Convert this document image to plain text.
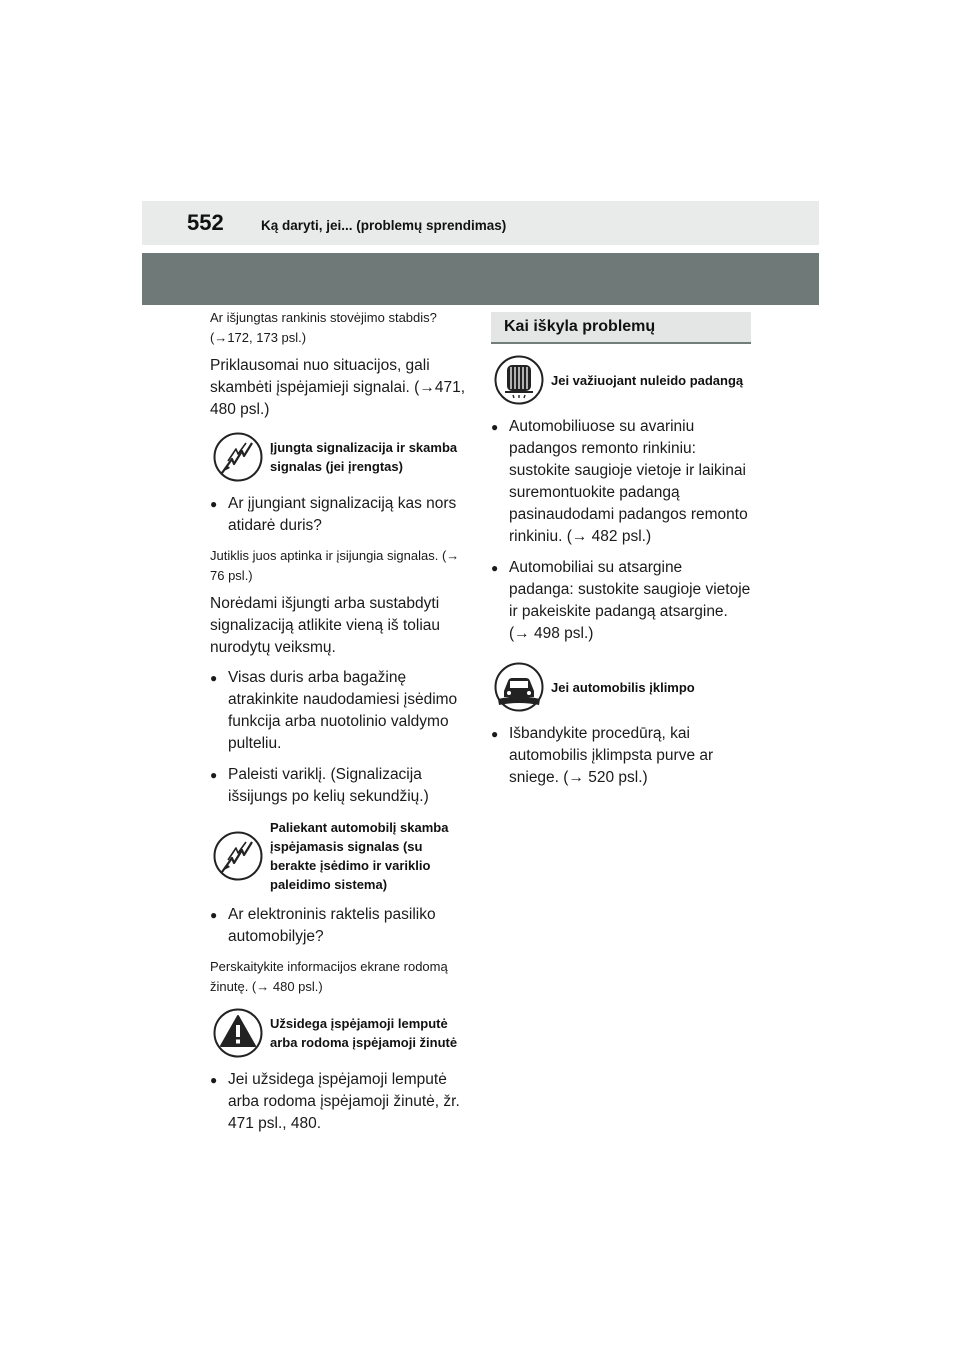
552	Ką daryti, jei... (problemų sprendimas)

Ar išjungtas rankinis stovėjimo stabdis? (→172, 173 psl.)

Priklausomai nuo situacijos, gali skambėti įspėjamieji signalai. (→471, 480 psl.)

Įjungta signalizacija ir skamba signalas (jei įrengtas)
● Ar įjungiant signalizaciją kas nors atidarė duris?

Jutiklis juos aptinka ir įsijungia signalas. (→ 76 psl.)

Norėdami išjungti arba sustabdyti signalizaciją atlikite vieną iš toliau nurodytų veiksmų.

● Visas duris arba bagažinę atrakinkite naudodamiesi įsėdimo funkcija arba nuotolinio valdymo pulteliu.
● Paleisti variklį. (Signalizacija išsijungs po kelių sekundžių.)
Paliekant automobilį skamba įspėjamasis signalas (su berakte įsėdimo ir variklio paleidimo sistema)
● Ar elektroninis raktelis pasiliko automobilyje?

Perskaitykite informacijos ekrane rodomą žinutę. (→ 480 psl.)

Užsidega įspėjamoji lemputė arba rodoma įspėjamoji žinutė
● Jei užsidega įspėjamoji lemputė arba rodoma įspėjamoji žinutė, žr. 471 psl., 480.
Kai iškyla problemų
Jei važiuojant nuleido padangą
● Automobiliuose su avariniu padangos remonto rinkiniu: sustokite saugioje vietoje ir laikinai suremontuokite padangą pasinaudodami padangos remonto rinkiniu. (→ 482 psl.)
● Automobiliai su atsargine padanga: sustokite saugioje vietoje ir pakeiskite padangą atsargine. (→ 498 psl.)
Jei automobilis įklimpo
● Išbandykite procedūrą, kai automobilis įklimpsta purve ar sniege. (→ 520 psl.)
